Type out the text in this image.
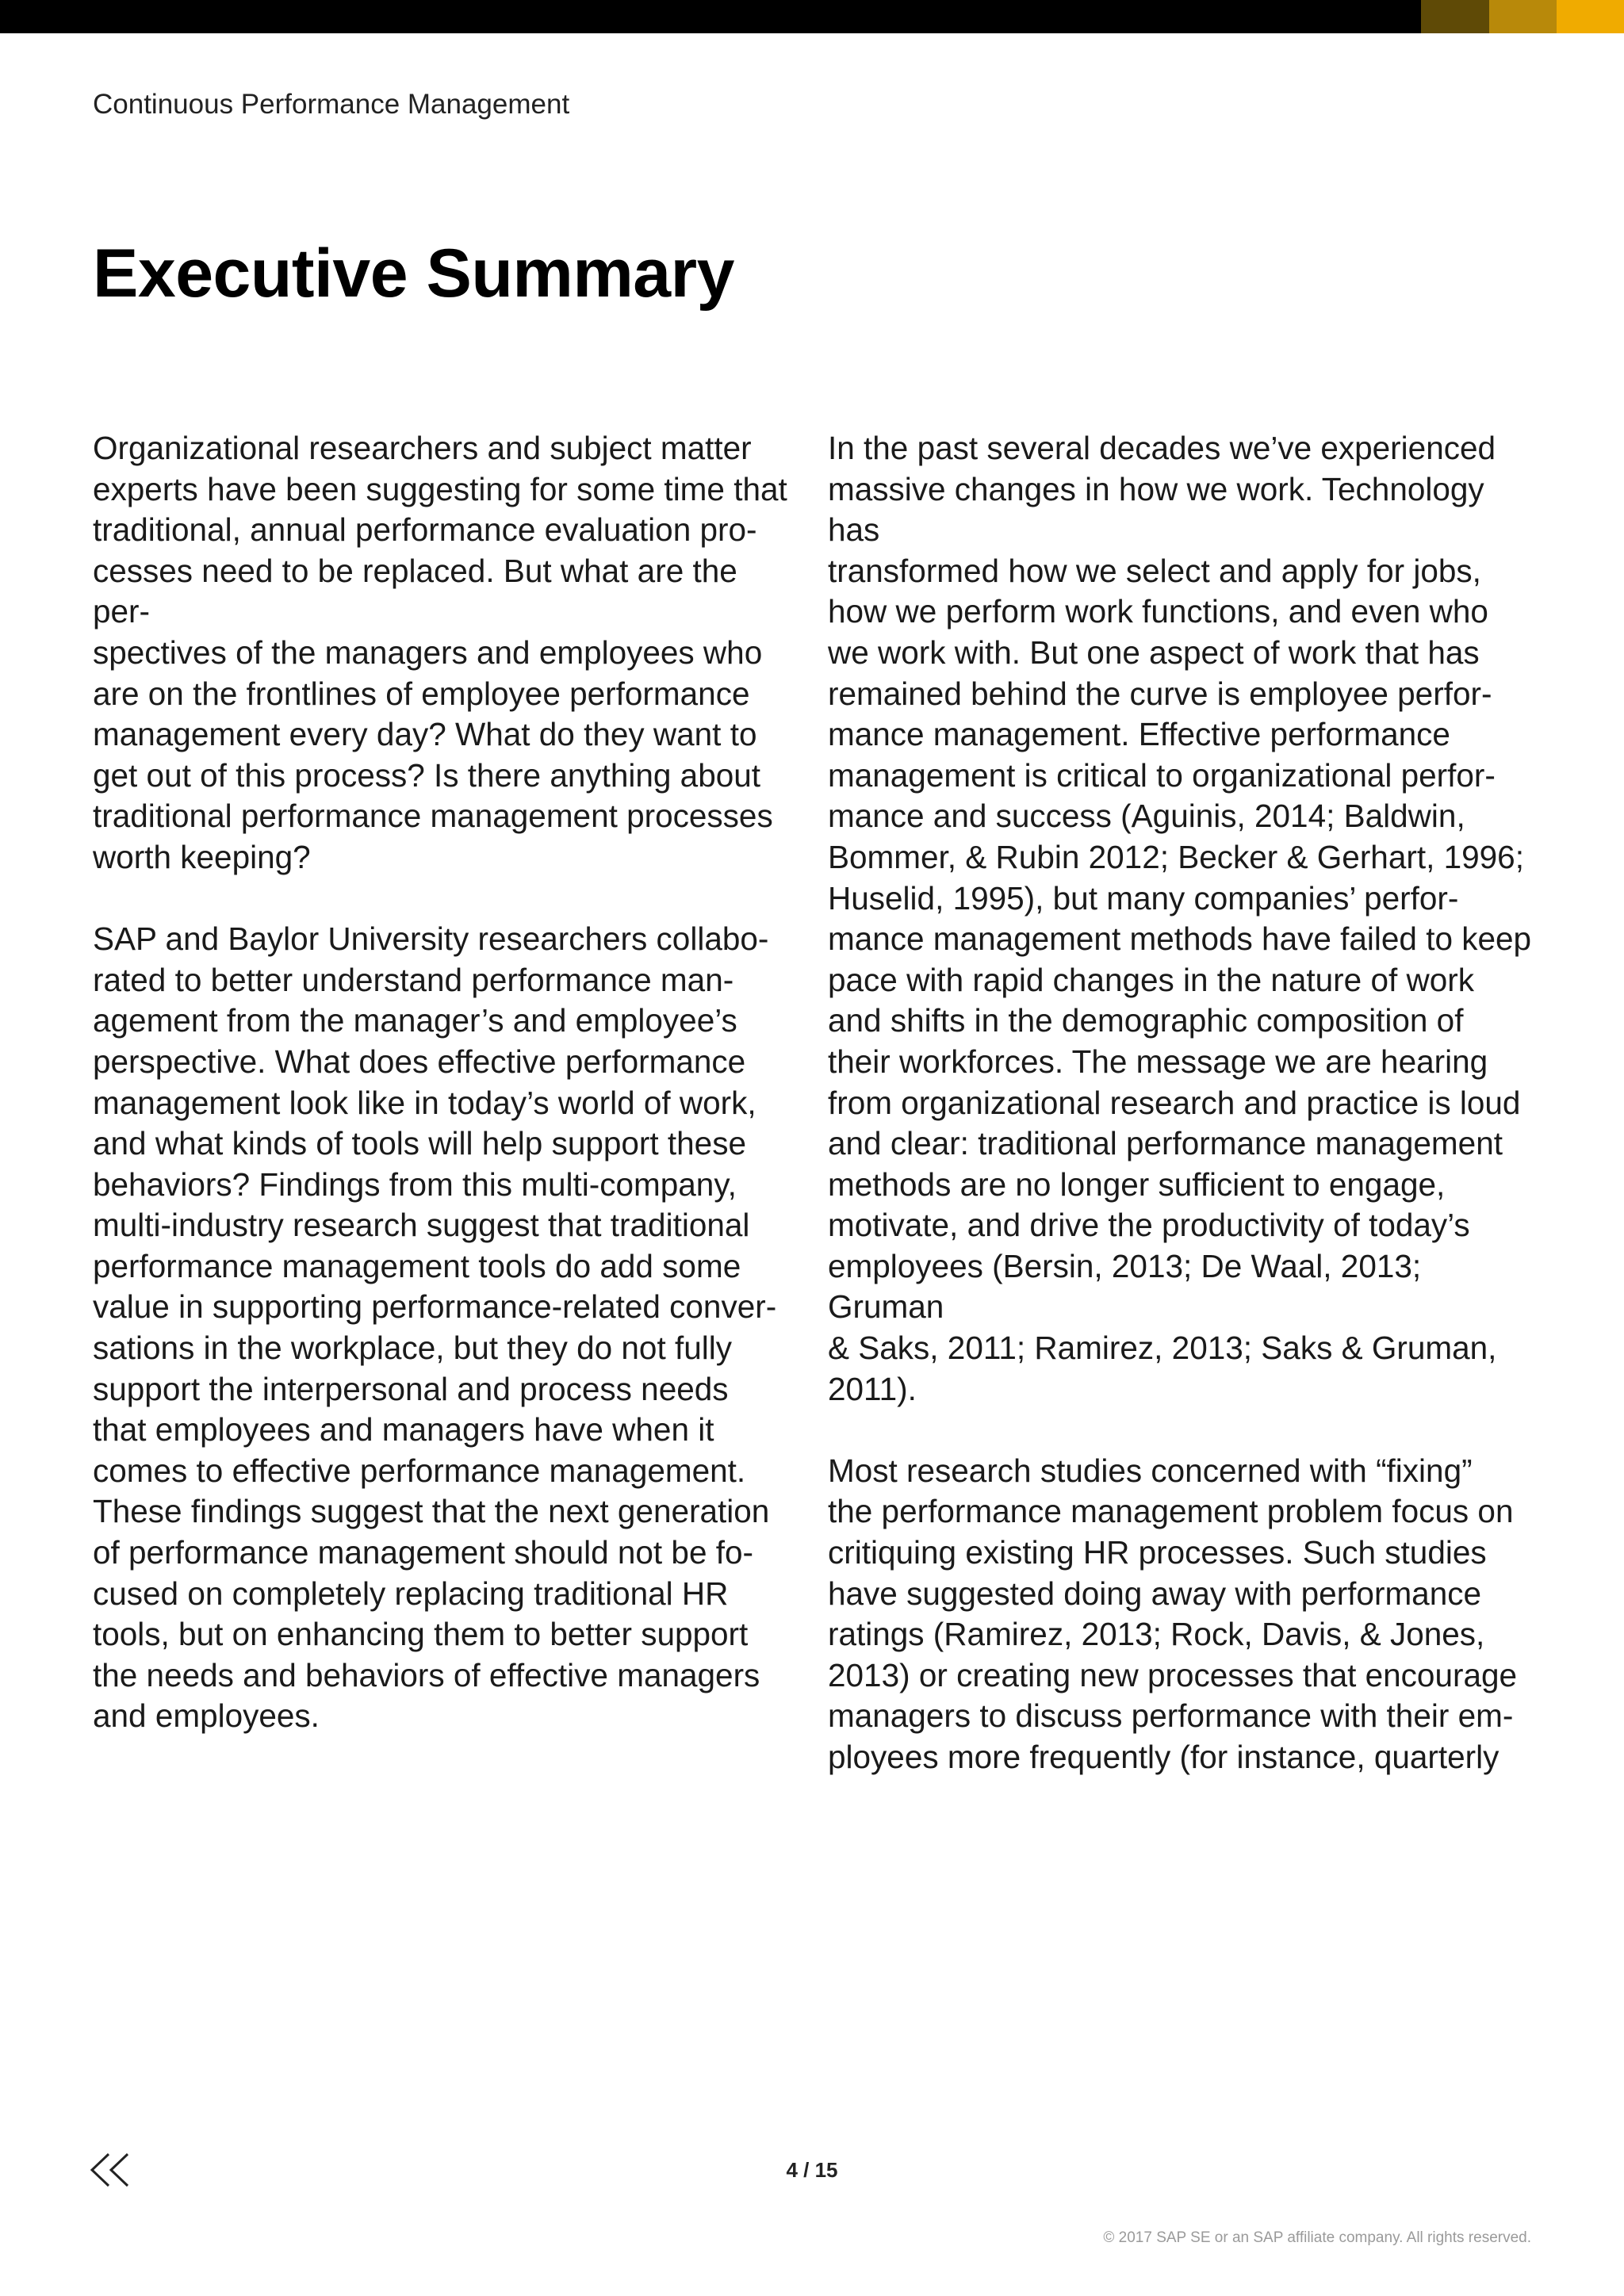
Continuous Performance Management
Executive Summary

Organizational researchers and subject matter
experts have been suggesting for some time that
traditional, annual performance evaluation pro-
cesses need to be replaced. But what are the per-
spectives of the managers and employees who
are on the frontlines of employee performance
management every day? What do they want to
get out of this process? Is there anything about
traditional performance management processes
worth keeping?

SAP and Baylor University researchers collabo-
rated to better understand performance man-
agement from the manager’s and employee’s
perspective. What does effective performance
management look like in today’s world of work,
and what kinds of tools will help support these
behaviors? Findings from this multi-company,
multi-industry research suggest that traditional
performance management tools do add some
value in supporting performance-related conver-
sations in the workplace, but they do not fully
support the interpersonal and process needs
that employees and managers have when it
comes to effective performance management.
These findings suggest that the next generation
of performance management should not be fo-
cused on completely replacing traditional HR
tools, but on enhancing them to better support
the needs and behaviors of effective managers
and employees.

In the past several decades we’ve experienced
massive changes in how we work. Technology has
transformed how we select and apply for jobs,
how we perform work functions, and even who
we work with. But one aspect of work that has
remained behind the curve is employee perfor-
mance management. Effective performance
management is critical to organizational perfor-
mance and success (Aguinis, 2014; Baldwin,
Bommer, & Rubin 2012; Becker & Gerhart, 1996;
Huselid, 1995), but many companies’ perfor-
mance management methods have failed to keep
pace with rapid changes in the nature of work
and shifts in the demographic composition of
their workforces. The message we are hearing
from organizational research and practice is loud
and clear: traditional performance management
methods are no longer sufficient to engage,
motivate, and drive the productivity of today’s
employees (Bersin, 2013; De Waal, 2013; Gruman
& Saks, 2011; Ramirez, 2013; Saks & Gruman,
2011).

Most research studies concerned with “fixing”
the performance management problem focus on
critiquing existing HR processes. Such studies
have suggested doing away with performance
ratings (Ramirez, 2013; Rock, Davis, & Jones,
2013) or creating new processes that encourage
managers to discuss performance with their em-
ployees more frequently (for instance, quarterly

4 / 15
© 2017 SAP SE or an SAP affiliate company. All rights reserved.
